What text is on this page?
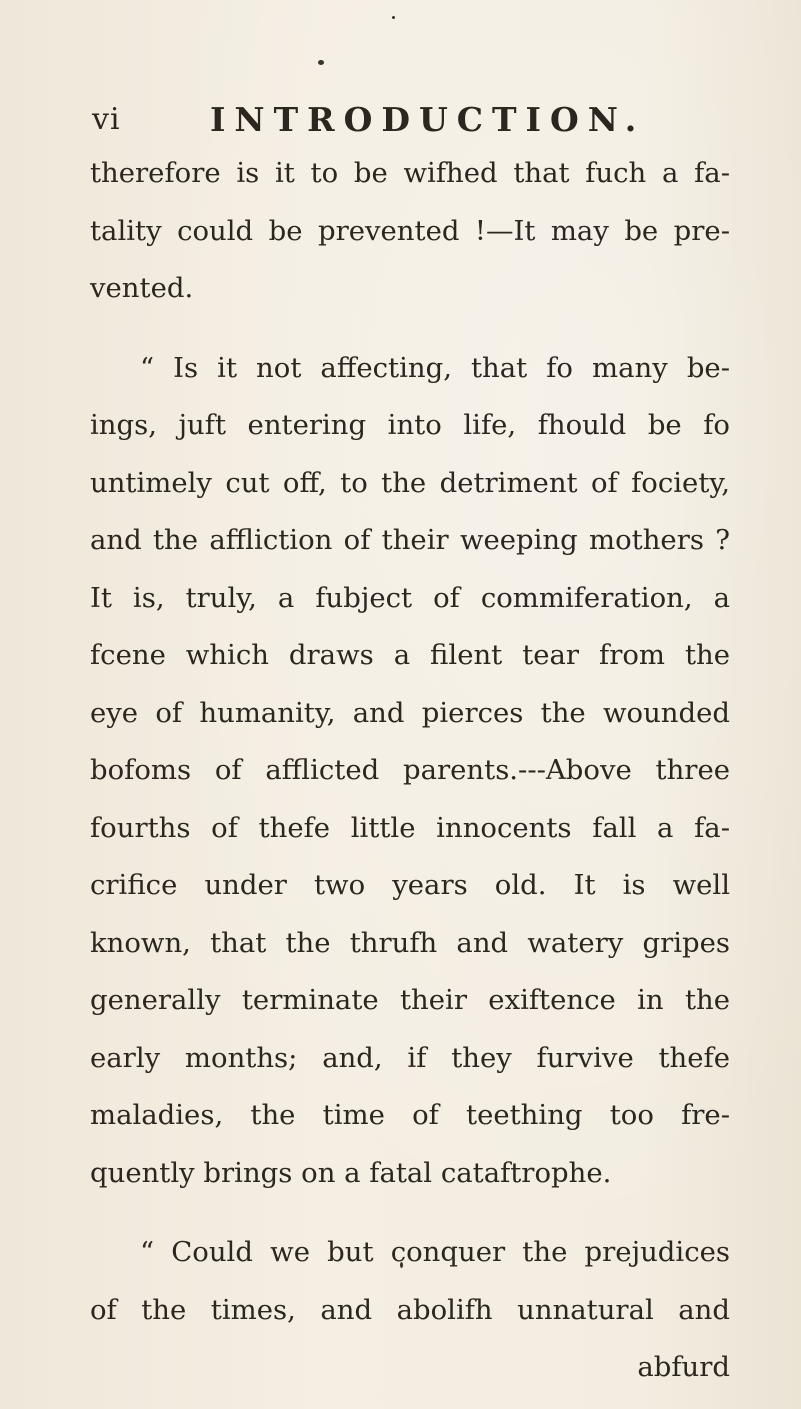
vi	INTRODUCTION.
therefore is it to be wifhed that fuch a fa-
tality could be prevented !—It may be pre-
vented.
“ Is it not affecting, that fo many be-
ings, juft entering into life, fhould be fo
untimely cut off, to the detriment of fociety,
and the affliction of their weeping mothers ?
It is, truly, a fubject of commiferation, a
fcene which draws a filent tear from the
eye of humanity, and pierces the wounded
bofoms of afflicted parents.---Above three
fourths of thefe little innocents fall a fa-
crifice under two years old. It is well
known, that the thrufh and watery gripes
generally terminate their exiftence in the
early months; and, if they furvive thefe
maladies, the time of teething too fre-
quently brings on a fatal cataftrophe.
“ Could we but conquer the prejudices
of the times, and abolifh unnatural and
abfurd
